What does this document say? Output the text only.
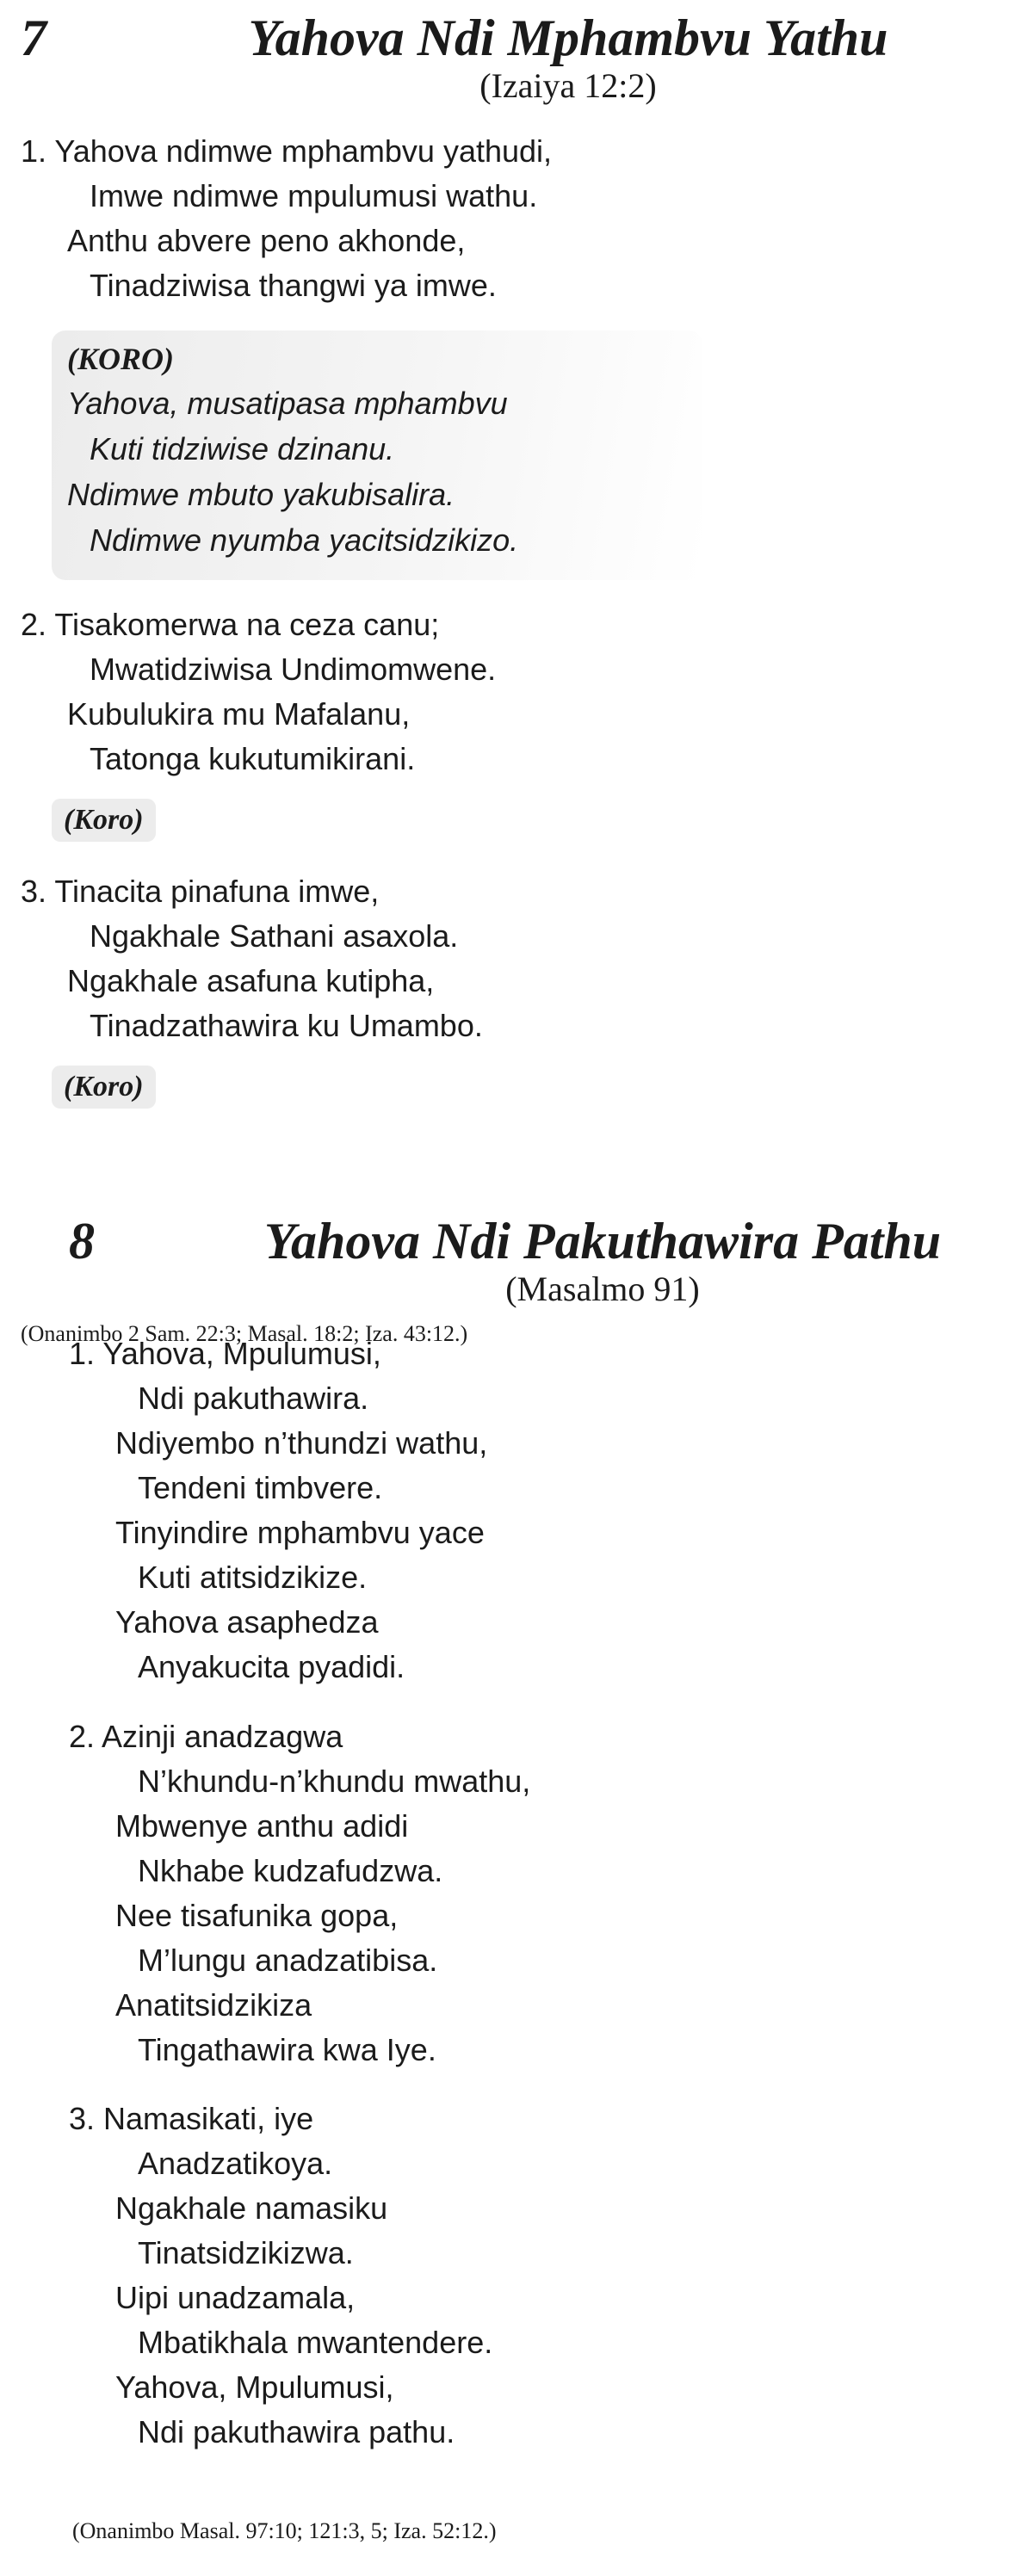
7	Yahova Ndi Mphambvu Yathu
(Izaiya 12:2)
1. Yahova ndimwe mphambvu yathudi,
Imwe ndimwe mpulumusi wathu.
Anthu abvere peno akhonde,
Tinadziwisa thangwi ya imwe.
(KORO)
Yahova, musatipasa mphambvu
Kuti tidziwise dzinanu.
Ndimwe mbuto yakubisalira.
Ndimwe nyumba yacitsidzikizo.
2. Tisakomerwa na ceza canu;
Mwatidziwisa Undimomwene.
Kubulukira mu Mafalanu,
Tatonga kukutumikirani.
(Koro)
3. Tinacita pinafuna imwe,
Ngakhale Sathani asaxola.
Ngakhale asafuna kutipha,
Tinadzathawira ku Umambo.
(Koro)
8	Yahova Ndi Pakuthawira Pathu
(Masalmo 91)
(Onanimbo 2 Sam. 22:3; Masal. 18:2; Iza. 43:12.)
1. Yahova, Mpulumusi,
Ndi pakuthawira.
Ndiyembo n’thundzi wathu,
Tendeni timbvere.
Tinyindire mphambvu yace
Kuti atitsidzikize.
Yahova asaphedza
Anyakucita pyadidi.
2. Azinji anadzagwa
N’khundu-n’khundu mwathu,
Mbwenye anthu adidi
Nkhabe kudzafudzwa.
Nee tisafunika gopa,
M’lungu anadzatibisa.
Anatitsidzikiza
Tingathawira kwa Iye.
3. Namasikati, iye
Anadzatikoya.
Ngakhale namasiku
Tinatsidzikizwa.
Uipi unadzamala,
Mbatikhala mwantendere.
Yahova, Mpulumusi,
Ndi pakuthawira pathu.
(Onanimbo Masal. 97:10; 121:3, 5; Iza. 52:12.)
